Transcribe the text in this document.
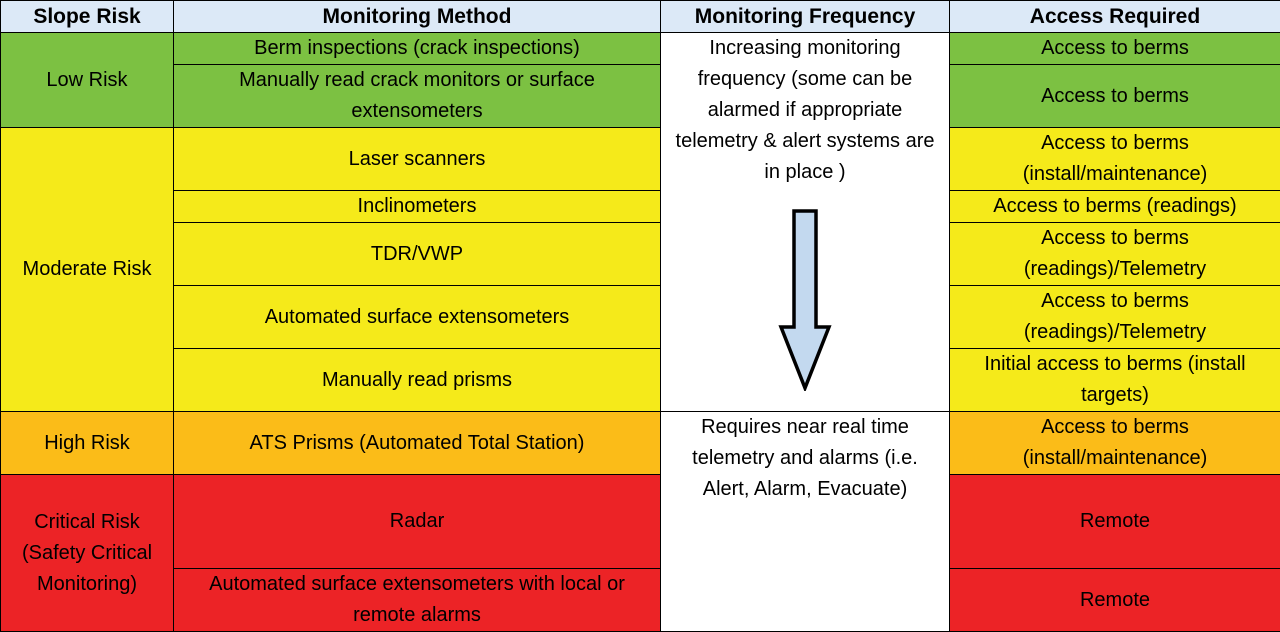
Slope Risk	Monitoring Method	Monitoring Frequency	Access Required
Low Risk	Berm inspections (crack inspections)	Increasing monitoring frequency (some can be alarmed if appropriate telemetry & alert systems are in place )	Access to berms
	Manually read crack monitors or surface extensometers		Access to berms
Moderate Risk	Laser scanners		Access to berms (install/maintenance)
	Inclinometers		Access to berms (readings)
	TDR/VWP		Access to berms (readings)/Telemetry
	Automated surface extensometers		Access to berms (readings)/Telemetry
	Manually read prisms		Initial access to berms (install targets)
High Risk	ATS Prisms (Automated Total Station)	Requires near real time telemetry and alarms (i.e. Alert, Alarm, Evacuate)	Access to berms (install/maintenance)
Critical Risk (Safety Critical Monitoring)	Radar		Remote
	Automated surface extensometers with local or remote alarms		Remote
